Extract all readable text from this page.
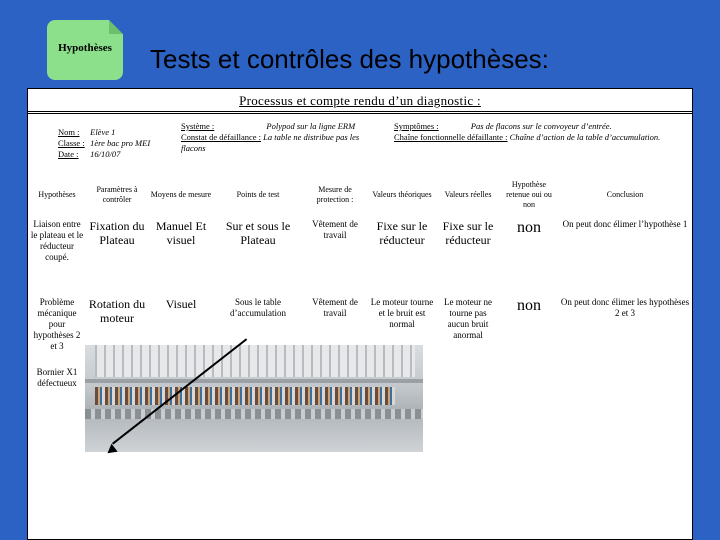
Hypothèses Tests et contrôles des hypothèses:
Processus et compte rendu d’un diagnostic :
Nom : Elève 1
Classe : 1ère bac pro MEI
Date : 16/10/07
Système :	Polypod sur la ligne ERM
Constat de défaillance : La table ne distribue pas les
flacons
Symptômes :	Pas de flacons sur le convoyeur d’entrée.
Chaîne fonctionnelle défaillante : Chaîne d’action de la table d’accumulation.
Hypothèses	Paramètres à contrôler	Moyens de mesure	Points de test	Mesure de protection :	Valeurs théoriques	Valeurs réelles	Hypothèse retenue oui ou non	Conclusion
Liaison entre le plateau et le réducteur coupé.	Fixation du Plateau	Manuel Et visuel	Sur et sous le Plateau	Vêtement de travail	Fixe sur le réducteur	Fixe sur le réducteur	non	On peut donc élimer l’hypothèse 1
Problème mécanique pour hypothèses 2 et 3	Rotation du moteur	Visuel	Sous le table d’accumulation	Vêtement de travail	Le moteur tourne et le bruit est normal	Le moteur ne tourne pas aucun bruit anormal	non	On peut donc élimer les hypothèses 2 et 3
Bornier X1 défectueux			
